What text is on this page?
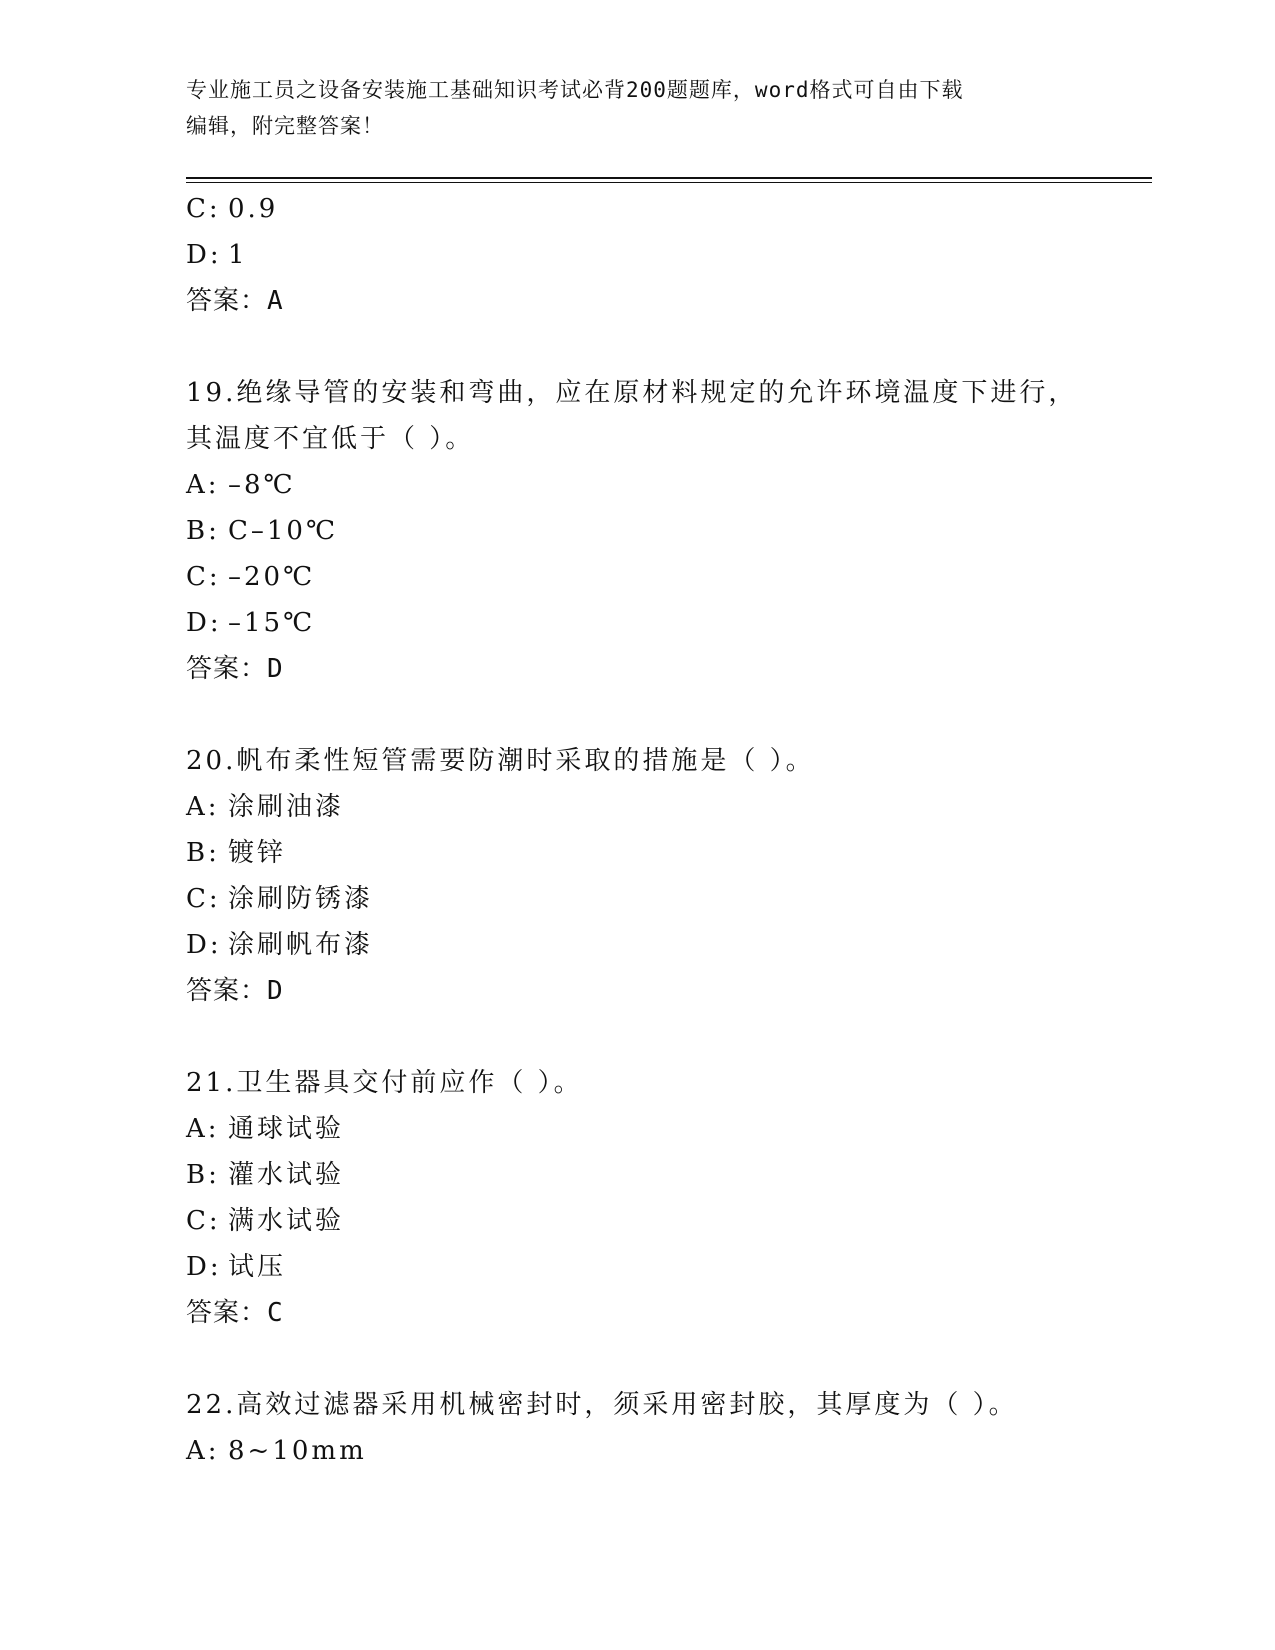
专业施工员之设备安装施工基础知识考试必背200题题库，word格式可自由下载
编辑，附完整答案！
C: 0.9
D: 1
答案：A
19.绝缘导管的安装和弯曲，应在原材料规定的允许环境温度下进行，
其温度不宜低于（ ）。
A: –8℃
B: C–10℃
C: –20℃
D: –15℃
答案：D
20.帆布柔性短管需要防潮时采取的措施是（ ）。
A: 涂刷油漆
B: 镀锌
C: 涂刷防锈漆
D: 涂刷帆布漆
答案：D
21.卫生器具交付前应作（ ）。
A: 通球试验
B: 灌水试验
C: 满水试验
D: 试压
答案：C
22.高效过滤器采用机械密封时，须采用密封胶，其厚度为（ ）。
A: 8~10mm
